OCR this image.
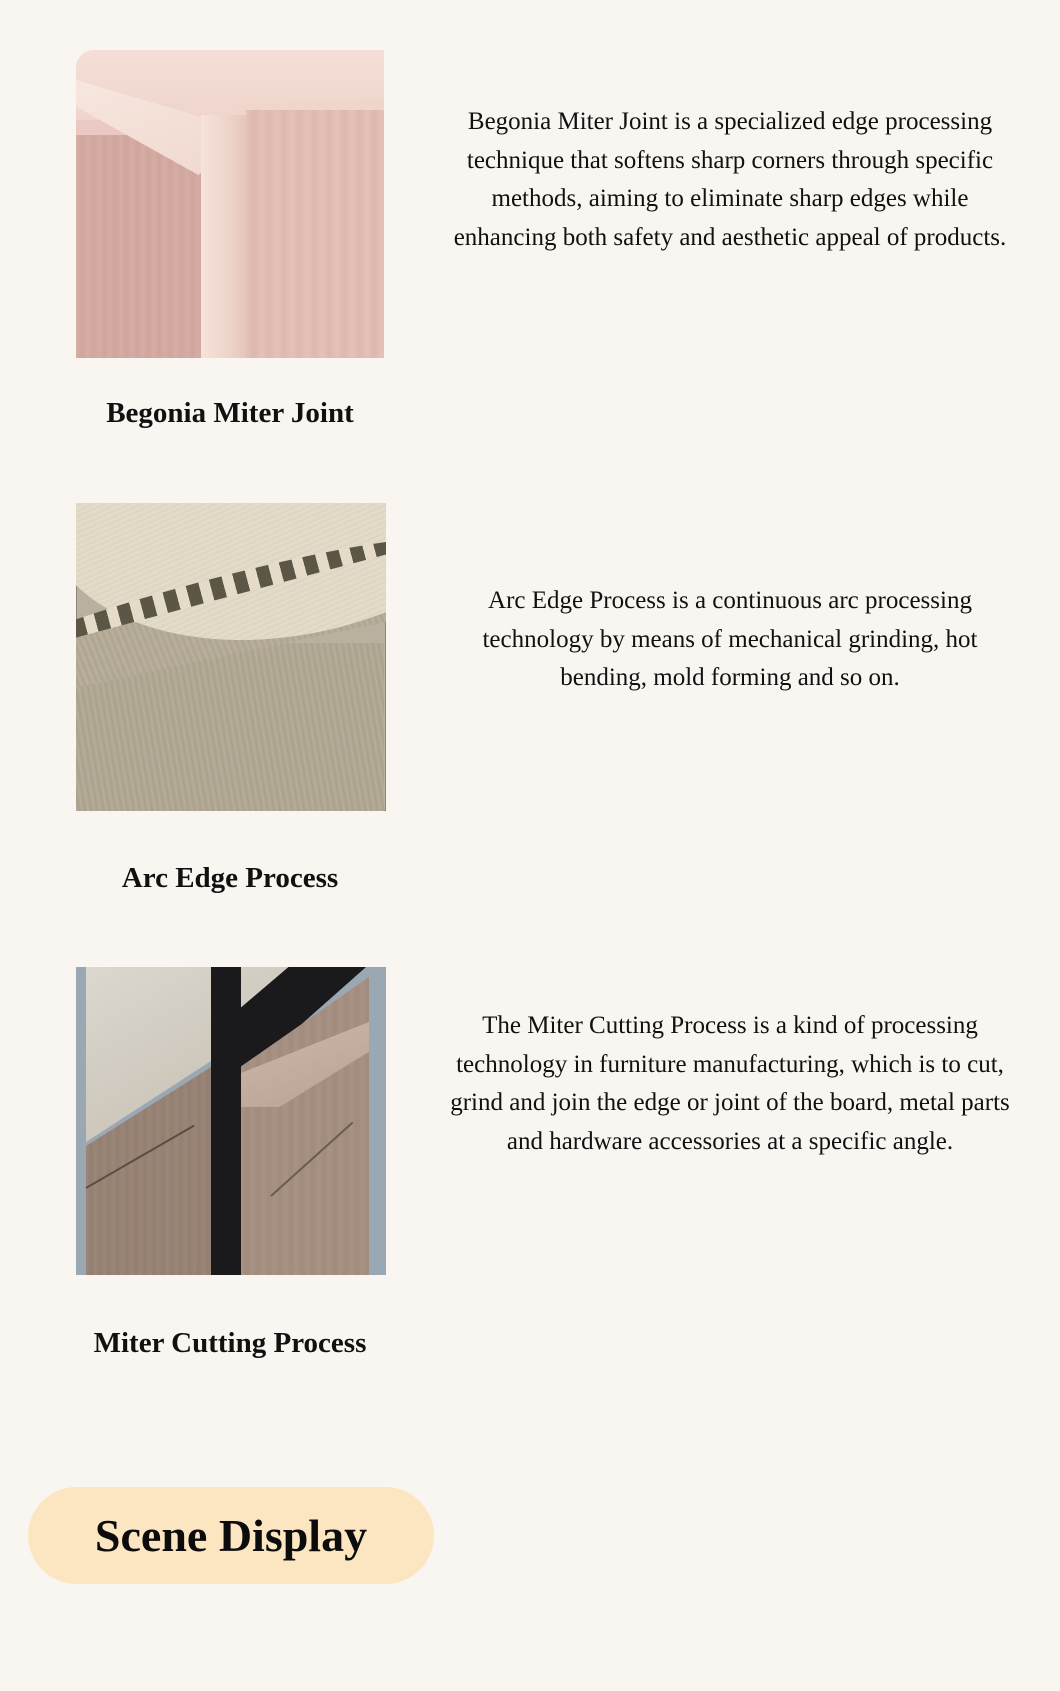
Begonia Miter Joint
Begonia Miter Joint is a specialized edge processing technique that softens sharp corners through specific methods, aiming to eliminate sharp edges while enhancing both safety and aesthetic appeal of products.
Arc Edge Process
Arc Edge Process is a continuous arc processing technology by means of mechanical grinding, hot bending, mold forming and so on.
Miter Cutting Process
The Miter Cutting Process is a kind of processing technology in furniture manufacturing, which is to cut, grind and join the edge or joint of the board, metal parts and hardware accessories at a specific angle.
Scene Display
